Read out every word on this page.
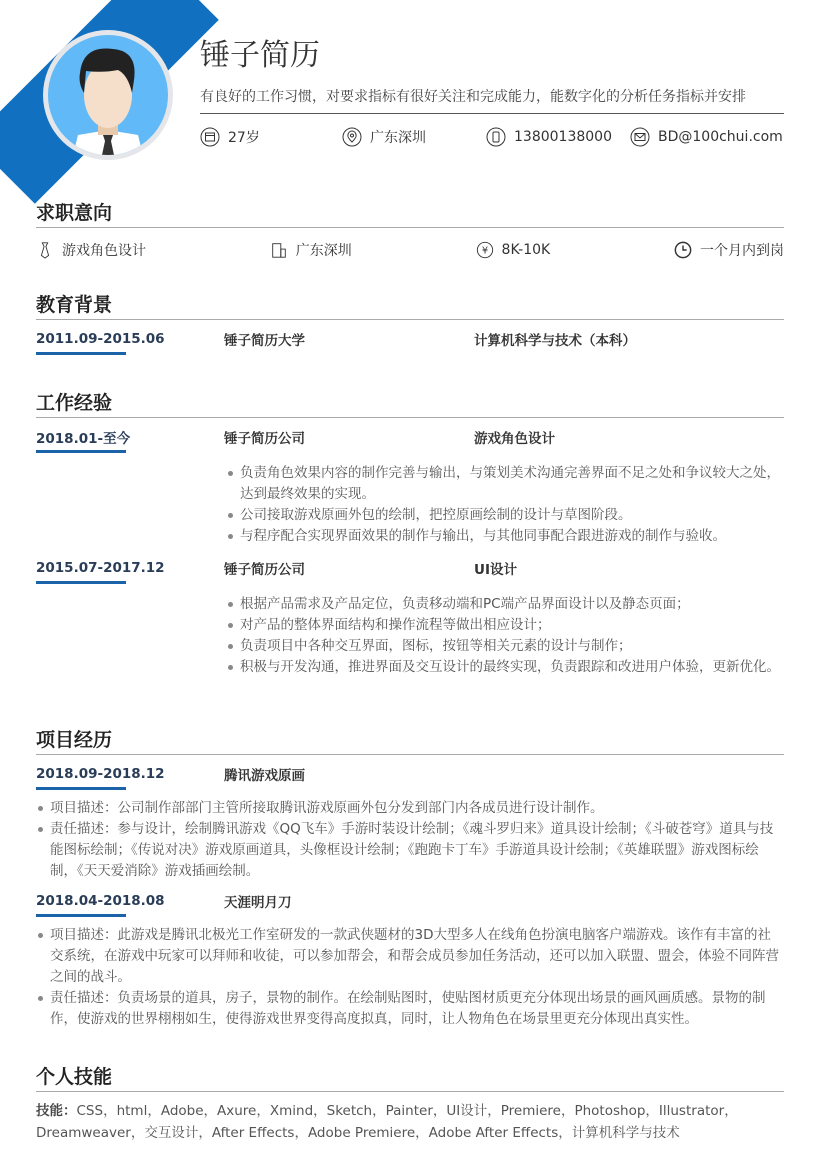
锤子简历
有良好的工作习惯，对要求指标有很好关注和完成能力，能数字化的分析任务指标并安排
27岁	广东深圳	13800138000	BD@100chui.com
求职意向
游戏角色设计	广东深圳	¥ 8K-10K	一个月内到岗
教育背景
2011.09-2015.06	锤子简历大学	计算机科学与技术（本科）
工作经验
2018.01-至今	锤子简历公司	游戏角色设计
负责角色效果内容的制作完善与输出，与策划美术沟通完善界面不足之处和争议较大之处，达到最终效果的实现。
公司接取游戏原画外包的绘制，把控原画绘制的设计与草图阶段。
与程序配合实现界面效果的制作与输出，与其他同事配合跟进游戏的制作与验收。
2015.07-2017.12	锤子简历公司	UI设计
根据产品需求及产品定位，负责移动端和PC端产品界面设计以及静态页面；
对产品的整体界面结构和操作流程等做出相应设计；
负责项目中各种交互界面，图标，按钮等相关元素的设计与制作；
积极与开发沟通，推进界面及交互设计的最终实现，负责跟踪和改进用户体验，更新优化。
项目经历
2018.09-2018.12	腾讯游戏原画
项目描述：公司制作部部门主管所接取腾讯游戏原画外包分发到部门内各成员进行设计制作。
责任描述：参与设计，绘制腾讯游戏《QQ飞车》手游时装设计绘制；《魂斗罗归来》道具设计绘制；《斗破苍穹》道具与技能图标绘制；《传说对决》游戏原画道具，头像框设计绘制；《跑跑卡丁车》手游道具设计绘制；《英雄联盟》游戏图标绘制，《天天爱消除》游戏插画绘制。
2018.04-2018.08	天涯明月刀
项目描述：此游戏是腾讯北极光工作室研发的一款武侠题材的3D大型多人在线角色扮演电脑客户端游戏。该作有丰富的社交系统，在游戏中玩家可以拜师和收徒，可以参加帮会，和帮会成员参加任务活动，还可以加入联盟、盟会，体验不同阵营之间的战斗。
责任描述：负责场景的道具，房子，景物的制作。在绘制贴图时，使贴图材质更充分体现出场景的画风画质感。景物的制作，使游戏的世界栩栩如生，使得游戏世界变得高度拟真，同时，让人物角色在场景里更充分体现出真实性。
个人技能
技能：CSS，html，Adobe，Axure，Xmind，Sketch，Painter，UI设计，Premiere，Photoshop，Illustrator，Dreamweaver，交互设计，After Effects，Adobe Premiere，Adobe After Effects，计算机科学与技术
